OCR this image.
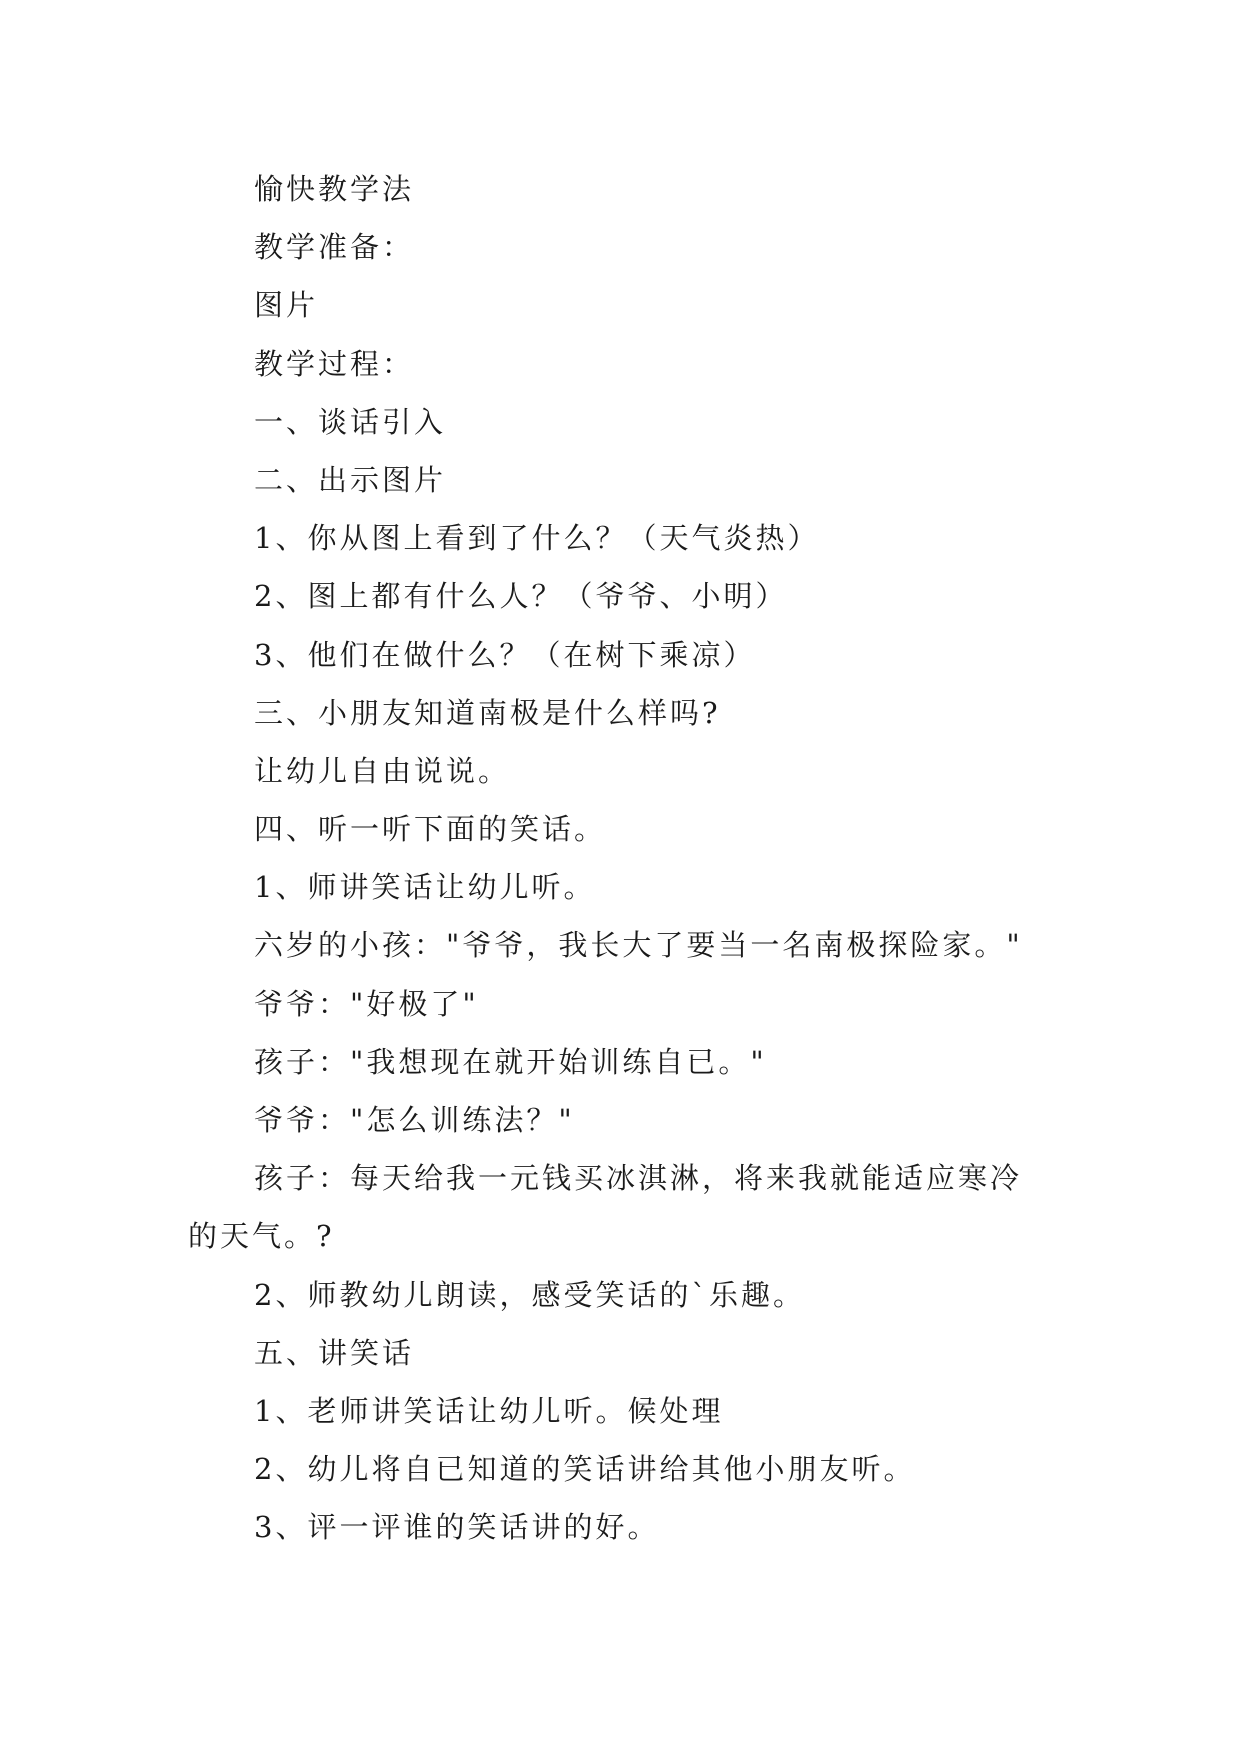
愉快教学法
教学准备：
图片
教学过程：
一、谈话引入
二、出示图片
1、你从图上看到了什么？（天气炎热）
2、图上都有什么人？（爷爷、小明）
3、他们在做什么？（在树下乘凉）
三、小朋友知道南极是什么样吗?
让幼儿自由说说。
四、听一听下面的笑话。
1、师讲笑话让幼儿听。
六岁的小孩："爷爷，我长大了要当一名南极探险家。"
爷爷："好极了"
孩子："我想现在就开始训练自已。"
爷爷："怎么训练法？"
孩子：每天给我一元钱买冰淇淋，将来我就能适应寒冷
的天气。?
2、师教幼儿朗读，感受笑话的`乐趣。
五、讲笑话
1、老师讲笑话让幼儿听。候处理
2、幼儿将自已知道的笑话讲给其他小朋友听。
3、评一评谁的笑话讲的好。
